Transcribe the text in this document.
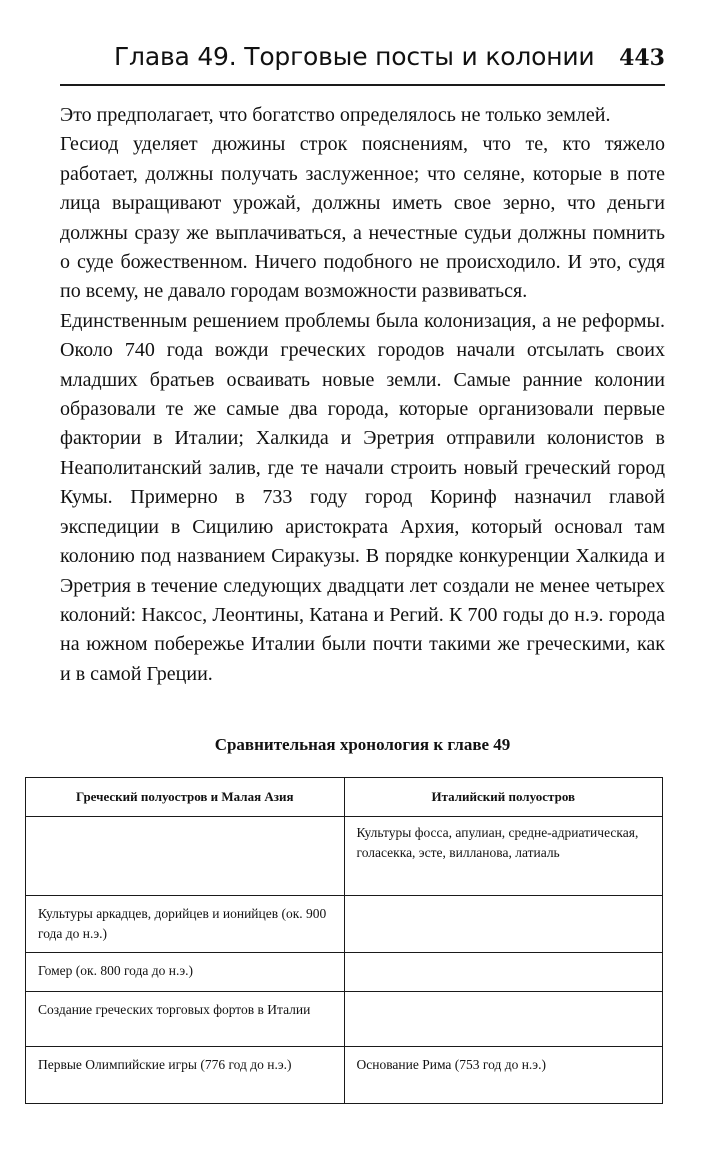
Глава 49. Торговые посты и колонии 443

Это предполагает, что богатство определялось не только землей.

Гесиод уделяет дюжины строк пояснениям, что те, кто тяжело работает, должны получать заслуженное; что селяне, которые в поте лица выращивают урожай, должны иметь свое зерно, что деньги должны сразу же выплачиваться, а нечестные судьи должны помнить о суде божественном. Ничего подобного не происходило. И это, судя по всему, не давало городам возможности развиваться.

Единственным решением проблемы была колонизация, а не реформы. Около 740 года вожди греческих городов начали отсылать своих младших братьев осваивать новые земли. Самые ранние колонии образовали те же самые два города, которые организовали первые фактории в Италии; Халкида и Эретрия отправили колонистов в Неаполитанский залив, где те начали строить новый греческий город Кумы. Примерно в 733 году город Коринф назначил главой экспедиции в Сицилию аристократа Архия, который основал там колонию под названием Сиракузы. В порядке конкуренции Халкида и Эретрия в течение следующих двадцати лет создали не менее четырех колоний: Наксос, Леонтины, Катана и Регий. К 700 годы до н.э. города на южном побережье Италии были почти такими же греческими, как и в самой Греции.

Сравнительная хронология к главе 49
Греческий полуостров и Малая Азия	Италийский полуостров
	Культуры фосса, апулиан, средне-адриатическая, голасекка, эсте, вилланова, латиаль
Культуры аркадцев, дорийцев и ионийцев (ок. 900 года до н.э.)	
Гомер (ок. 800 года до н.э.)	
Создание греческих торговых фортов в Италии	
Первые Олимпийские игры (776 год до н.э.)	Основание Рима (753 год до н.э.)
